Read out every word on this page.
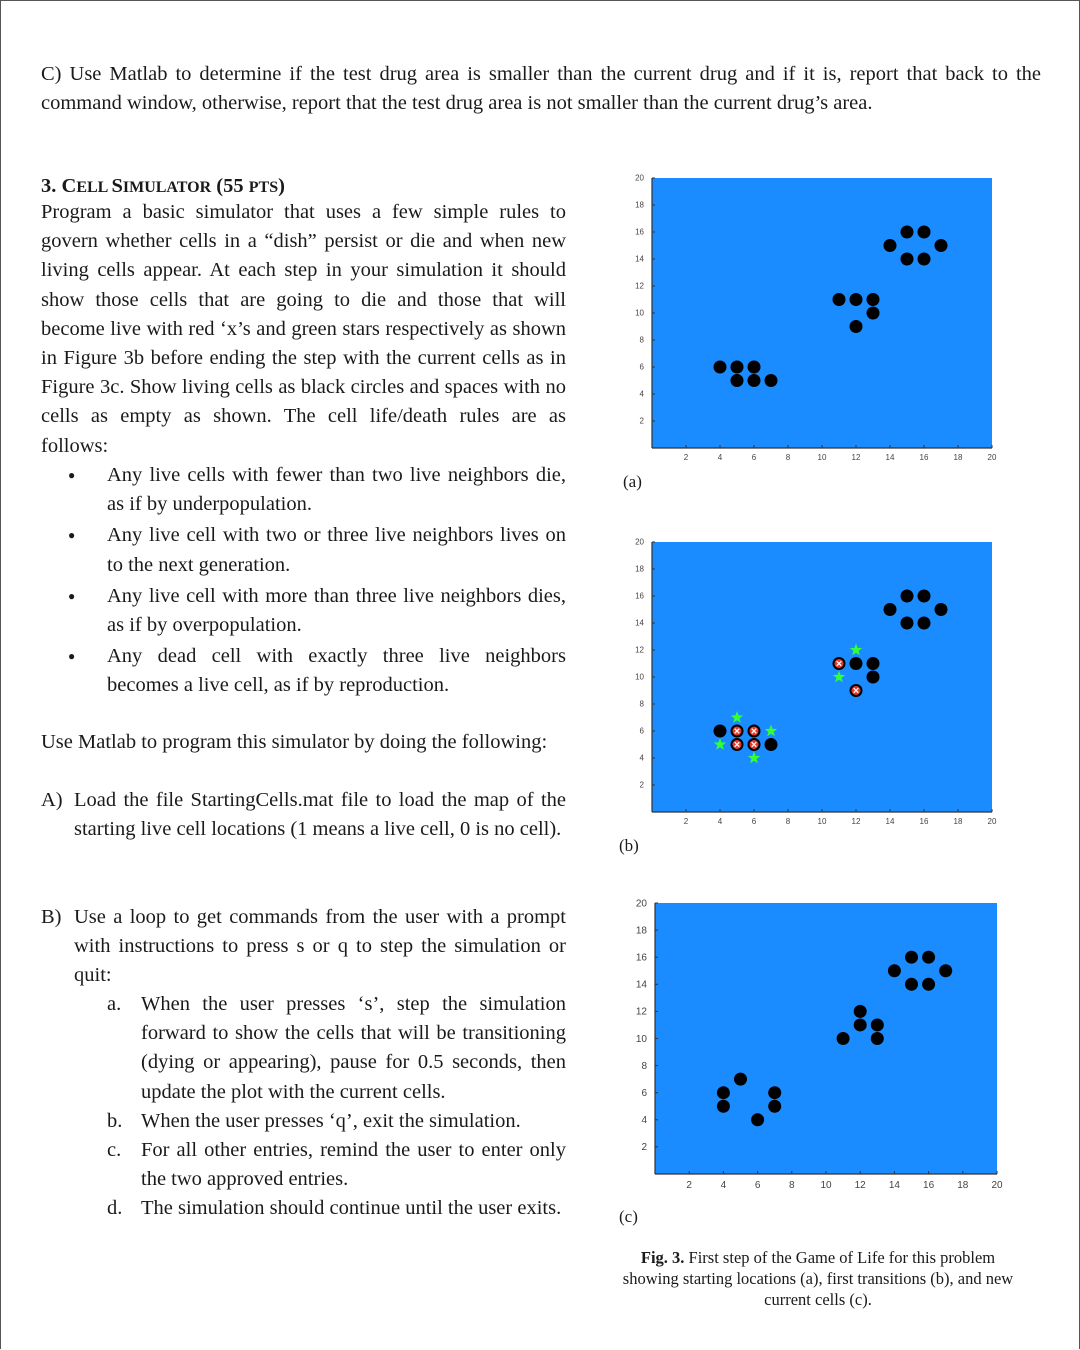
C) Use Matlab to determine if the test drug area is smaller than the current drug and if it is, report that back to the command window, otherwise, report that the test drug area is not smaller than the current drug’s area.
3. CELL SIMULATOR (55 PTS)
Program a basic simulator that uses a few simple rules to govern whether cells in a “dish” persist or die and when new living cells appear. At each step in your simulation it should show those cells that are going to die and those that will become live with red ‘x’s and green stars respectively as shown in Figure 3b before ending the step with the current cells as in Figure 3c. Show living cells as black circles and spaces with no cells as empty as shown. The cell life/death rules are as follows:
● Any live cells with fewer than two live neighbors die, as if by underpopulation.
● Any live cell with two or three live neighbors lives on to the next generation.
● Any live cell with more than three live neighbors dies, as if by overpopulation.
● Any dead cell with exactly three live neighbors becomes a live cell, as if by reproduction.
Use Matlab to program this simulator by doing the following:
A) Load the file StartingCells.mat file to load the map of the starting live cell locations (1 means a live cell, 0 is no cell).
B) Use a loop to get commands from the user with a prompt with instructions to press s or q to step the simulation or quit:
a. When the user presses ‘s’, step the simulation forward to show the cells that will be transitioning (dying or appearing), pause for 0.5 seconds, then update the plot with the current cells.
b. When the user presses ‘q’, exit the simulation.
c. For all other entries, remind the user to enter only the two approved entries.
d. The simulation should continue until the user exits.
2	4	6	8	10	12	14	16	18	20
2
4
6
8
10
12
14
16
18
20
(a)
2	4	6	8	10	12	14	16	18	20
2
4
6
8
10
12
14
16
18
20
(b)
2	4	6	8	10 12 14 16 18 20
2
4
6
8
10
12
14
16
18
20
(c)
Fig. 3. First step of the Game of Life for this problem showing starting locations (a), first transitions (b), and new current cells (c).
